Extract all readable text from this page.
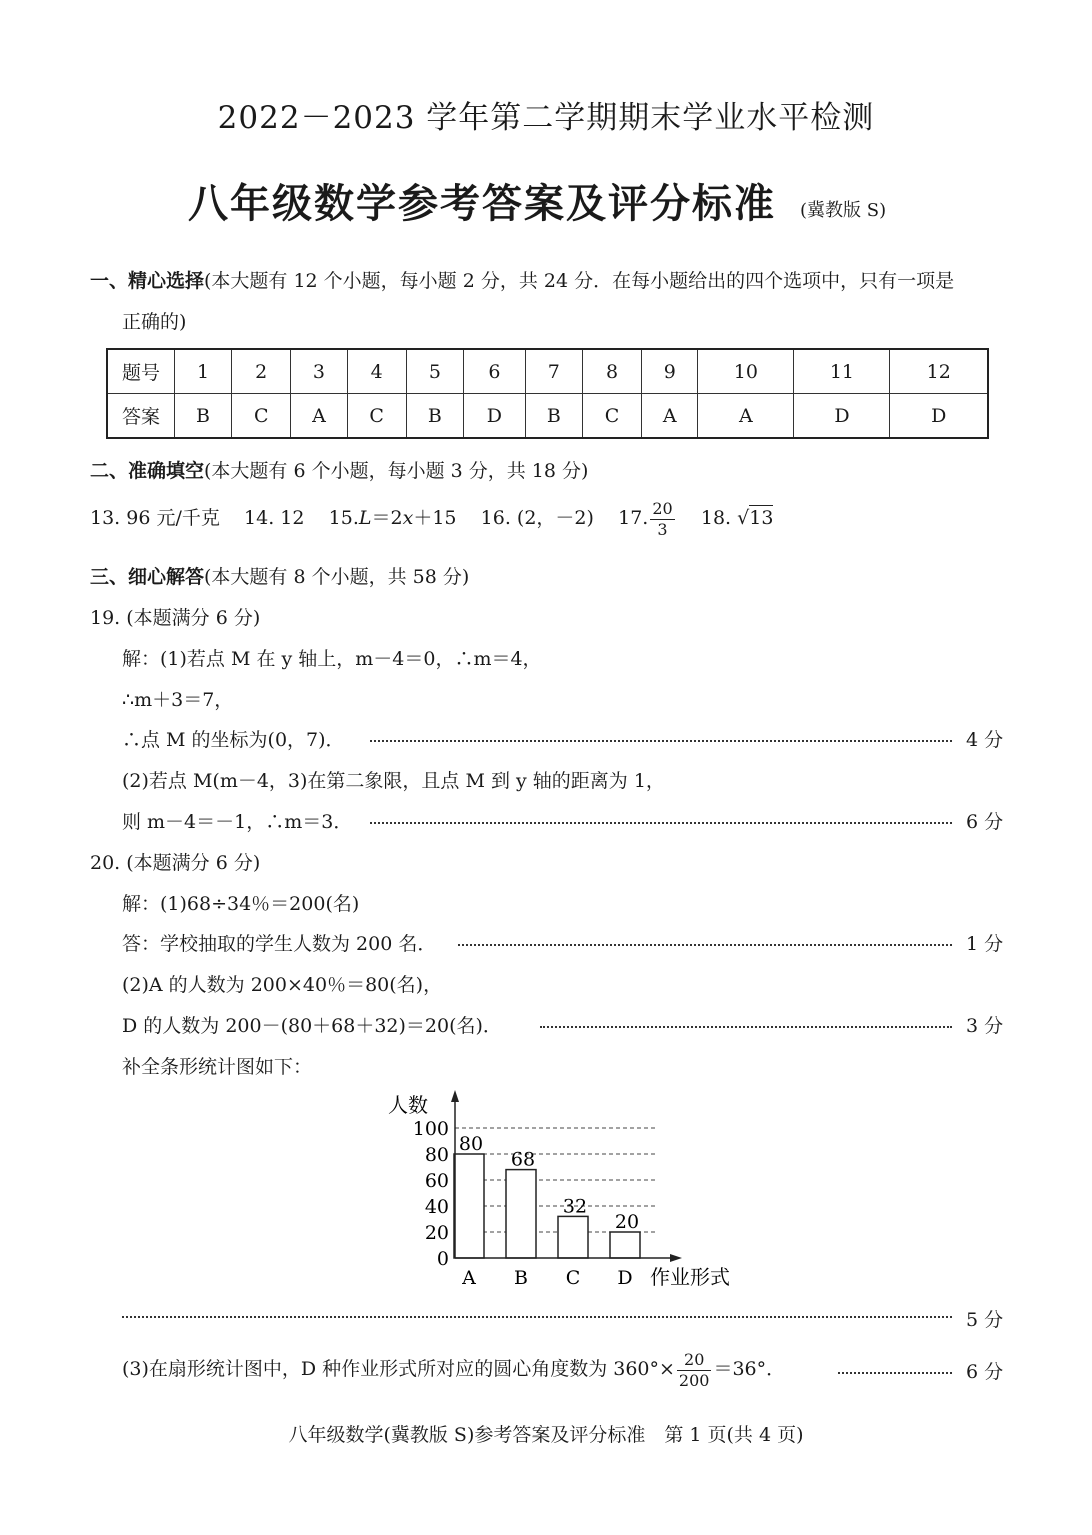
2022－2023 学年第二学期期末学业水平检测
八年级数学参考答案及评分标准 (冀教版 S)
一、精心选择(本大题有 12 个小题，每小题 2 分，共 24 分．在每小题给出的四个选项中，只有一项是
正确的)
题号	1	2	3	4	5	6	7	8	9	10	11	12
答案	B	C	A	C	B	D	B	C	A	A	D	D
二、准确填空(本大题有 6 个小题，每小题 3 分，共 18 分)
13. 96 元/千克 14. 12 15.L＝2x＋15 16. (2，－2) 17. $\frac{20}{3} 18$. √13
三、细心解答(本大题有 8 个小题，共 58 分)
19. (本题满分 6 分)
解：(1)若点 M 在 y 轴上，m－4＝0，∴m＝4，
∴m＋3＝7，
∴点 M 的坐标为(0，7)．	4 分
(2)若点 M(m－4，3)在第二象限，且点 M 到 y 轴的距离为 1，
则 m－4＝－1，∴m＝3．	6 分
20. (本题满分 6 分)
解：(1)68÷34％＝200(名)
答：学校抽取的学生人数为 200 名．	1 分
(2)A 的人数为 200×40％＝80(名)，
D 的人数为 200－(80＋68＋32)＝20(名)．	3 分
补全条形统计图如下：
人数
作业形式
0
20
40
60
80
100
A B C D
80
68
32
20
5 分
(3)在扇形统计图中，D 种作业形式所对应的圆心角度数为 $360^\circ\times \frac{20}{200} =36^\circ$．	6 分
八年级数学(冀教版 S)参考答案及评分标准　第 1 页(共 4 页)
